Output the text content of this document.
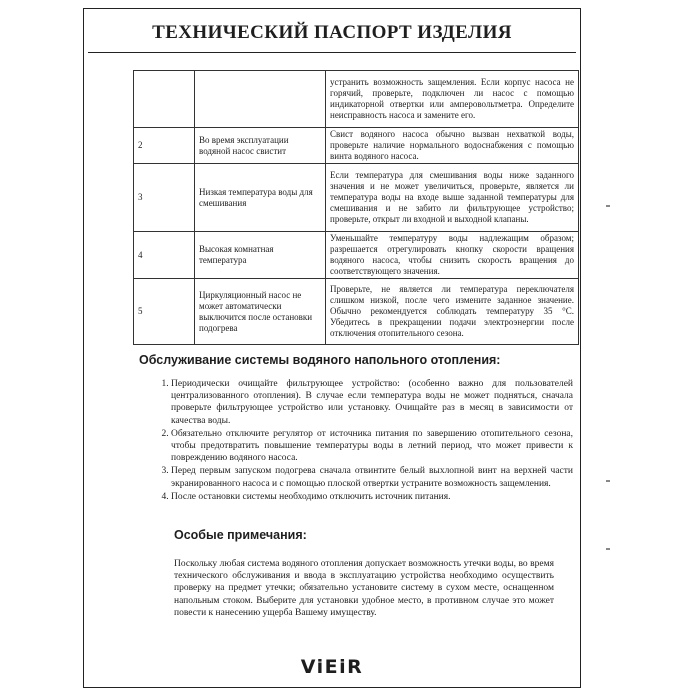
ТЕХНИЧЕСКИЙ ПАСПОРТ ИЗДЕЛИЯ
		устранить возможность защемления. Если корпус насоса не горячий, проверьте, подключен ли насос с помощью индикаторной отвертки или амперовольтметра. Определите неисправность насоса и замените его.
2	Во время эксплуатации водяной насос свистит	Свист водяного насоса обычно вызван нехваткой воды, проверьте наличие нормального водоснабжения с помощью винта водяного насоса.
3	Низкая температура воды для смешивания	Если температура для смешивания воды ниже заданного значения и не может увеличиться, проверьте, является ли температура воды на входе выше заданной температуры для смешивания и не забито ли фильтрующее устройство; проверьте, открыт ли входной и выходной клапаны.
4	Высокая комнатная температура	Уменьшайте температуру воды надлежащим образом; разрешается отрегулировать кнопку скорости вращения водяного насоса, чтобы снизить скорость вращения до соответствующего значения.
5	Циркуляционный насос не может автоматически выключится после остановки подогрева	Проверьте, не является ли температура переключателя слишком низкой, после чего измените заданное значение. Обычно рекомендуется соблюдать температуру 35 °С. Убедитесь в прекращении подачи электроэнергии после отключения отопительного сезона.
Обслуживание системы водяного напольного отопления:
1. Периодически очищайте фильтрующее устройство: (особенно важно для пользователей централизованного отопления). В случае если температура воды не может подняться, сначала проверьте фильтрующее устройство или установку. Очищайте раз в месяц в зависимости от качества воды.
2. Обязательно отключите регулятор от источника питания по завершению отопительного сезона, чтобы предотвратить повышение температуры воды в летний период, что может привести к повреждению водяного насоса.
3. Перед первым запуском подогрева сначала отвинтите белый выхлопной винт на верхней части экранированного насоса и с помощью плоской отвертки устраните возможность защемления.
4. После остановки системы необходимо отключить источник питания.
Особые примечания:
Поскольку любая система водяного отопления допускает возможность утечки воды, во время технического обслуживания и ввода в эксплуатацию устройства необходимо осуществить проверку на предмет утечки; обязательно установите систему в сухом месте, оснащенном напольным стоком. Выберите для установки удобное место, в противном случае это может повести к нанесению ущерба Вашему имуществу.
ViEiR
